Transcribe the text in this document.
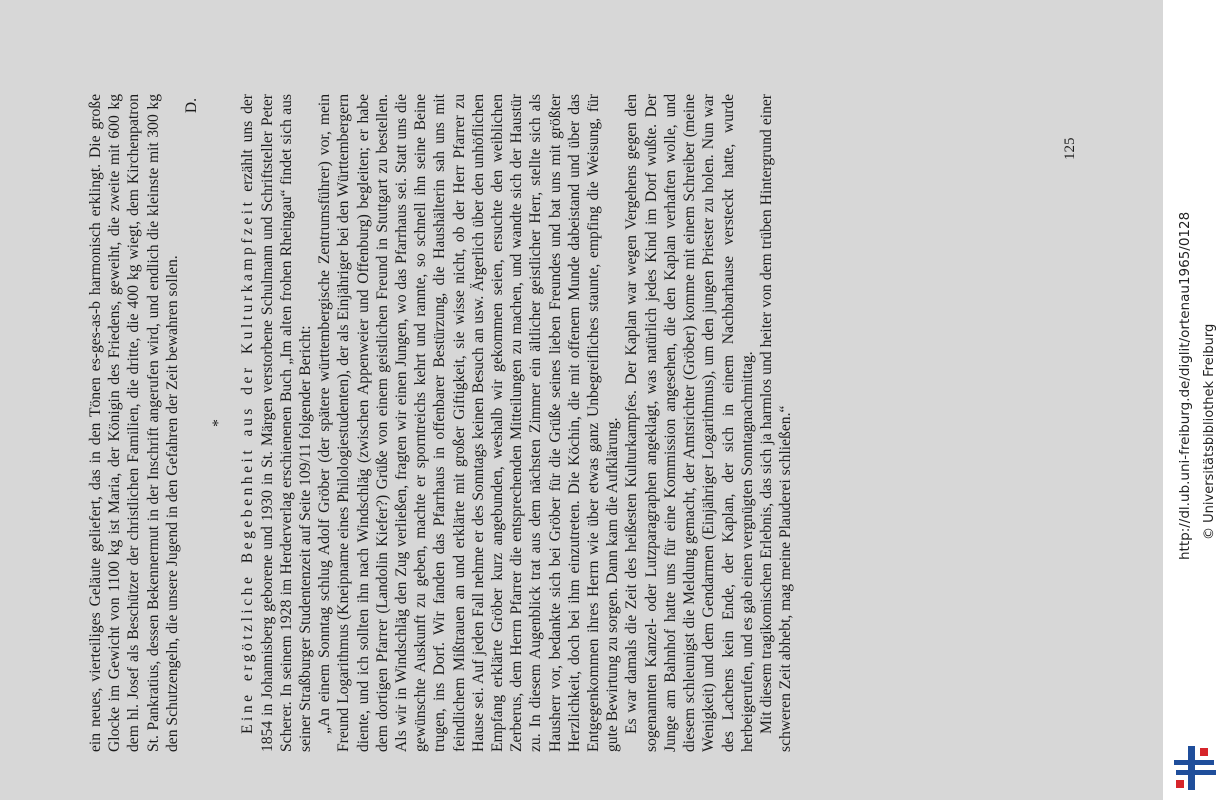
ein neues, vierteiliges Geläute geliefert, das in den Tönen es-ges-as-b harmonisch erklingt. Die große Glocke im Gewicht von 1100 kg ist Maria, der Königin des Friedens, geweiht, die zweite mit 600 kg dem hl. Josef als Beschützer der christlichen Familien, die dritte, die 400 kg wiegt, dem Kirchenpatron St. Pankratius, dessen Bekennermut in der Inschrift angerufen wird, und endlich die kleinste mit 300 kg den Schutzengeln, die unsere Jugend in den Gefahren der Zeit bewahren sollen.

D.
* Eine ergötzliche Begebenheit aus der Kulturkampfzeit erzählt uns der 1854 in Johannisberg geborene und 1930 in St. Märgen verstorbene Schulmann und Schriftsteller Peter Scherer. In seinem 1928 im Herderverlag erschienenen Buch „Im alten frohen Rheingau“ findet sich aus seiner Straßburger Studentenzeit auf Seite 109/11 folgender Bericht: „An einem Sonntag schlug Adolf Gröber (der spätere württembergische Zentrumsführer) vor, mein Freund Logarithmus (Kneipname eines Philologiestudenten), der als Einjähriger bei den Württembergern diente, und ich sollten ihn nach Windschläg (zwischen Appenweier und Offenburg) begleiten; er habe dem dortigen Pfarrer (Landolin Kiefer?) Grüße von einem geistlichen Freund in Stuttgart zu bestellen. Als wir in Windschläg den Zug verließen, fragten wir einen Jungen, wo das Pfarrhaus sei. Statt uns die gewünschte Auskunft zu geben, machte er sporntreichs kehrt und rannte, so schnell ihn seine Beine trugen, ins Dorf. Wir fanden das Pfarrhaus in offenbarer Bestürzung, die Haushälterin sah uns mit feindlichem Mißtrauen an und erklärte mit großer Giftigkeit, sie wisse nicht, ob der Herr Pfarrer zu Hause sei. Auf jeden Fall nehme er des Sonntags keinen Besuch an usw. Ärgerlich über den unhöflichen Empfang erklärte Gröber kurz angebunden, weshalb wir gekommen seien, ersuchte den weiblichen Zerberus, dem Herrn Pfarrer die entsprechenden Mitteilungen zu machen, und wandte sich der Haustür zu. In diesem Augenblick trat aus dem nächsten Zimmer ein ältlicher geistlicher Herr, stellte sich als Hausherr vor, bedankte sich bei Gröber für die Grüße seines lieben Freundes und bat uns mit größter Herzlichkeit, doch bei ihm einzutreten. Die Köchin, die mit offenem Munde dabeistand und über das Entgegenkommen ihres Herrn wie über etwas ganz Unbegreifliches staunte, empfing die Weisung, für gute Bewirtung zu sorgen. Dann kam die Aufklärung. Es war damals die Zeit des heißesten Kulturkampfes. Der Kaplan war wegen Vergehens gegen den sogenannten Kanzel- oder Lutzparagraphen angeklagt, was natürlich jedes Kind im Dorf wußte. Der Junge am Bahnhof hatte uns für eine Kommission angesehen, die den Kaplan verhaften wolle, und diesem schleunigst die Meldung gemacht, der Amtsrichter (Gröber) komme mit einem Schreiber (meine Wenigkeit) und dem Gendarmen (Einjähriger Logarithmus), um den jungen Priester zu holen. Nun war des Lachens kein Ende, der Kaplan, der sich in einem Nachbarhause versteckt hatte, wurde herbeigerufen, und es gab einen vergnügten Sonntagnachmittag. Mit diesem tragikomischen Erlebnis, das sich ja harmlos und heiter von dem trüben Hintergrund einer schweren Zeit abhebt, mag meine Plauderei schließen.“

125
http://dl.ub.uni-freiburg.de/diglit/ortenau1965/0128 © Universitätsbibliothek Freiburg
